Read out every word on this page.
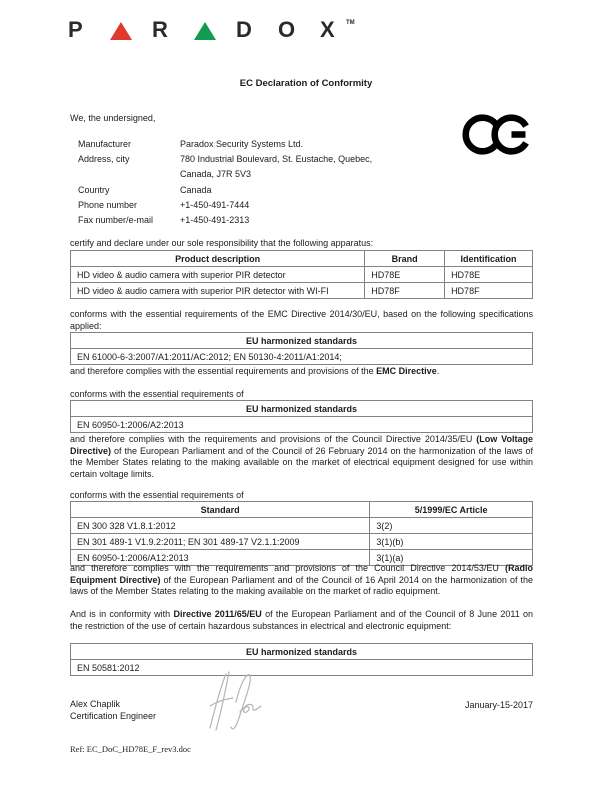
P	R	D O X TM
EC Declaration of Conformity
We, the undersigned,
Manufacturer	Paradox Security Systems Ltd.
Address, city	780 Industrial Boulevard, St. Eustache, Quebec,
Canada, J7R 5V3
Country	Canada
Phone number	+1-450-491-7444
Fax number/e-mail	+1-450-491-2313
certify and declare under our sole responsibility that the following apparatus:
Product description	Brand	Identification
HD video & audio camera with superior PIR detector	HD78E	HD78E
HD video & audio camera with superior PIR detector with WI-FI	HD78F	HD78F
conforms with the essential requirements of the EMC Directive 2014/30/EU, based on the following specifications applied:
EU harmonized standards
EN 61000-6-3:2007/A1:2011/AC:2012; EN 50130-4:2011/A1:2014;
and therefore complies with the essential requirements and provisions of the EMC Directive.
conforms with the essential requirements of
EU harmonized standards
EN 60950-1:2006/A2:2013
and therefore complies with the requirements and provisions of the Council Directive 2014/35/EU (Low Voltage Directive) of the European Parliament and of the Council of 26 February 2014 on the harmonization of the laws of the Member States relating to the making available on the market of electrical equipment designed for use within certain voltage limits.
conforms with the essential requirements of
Standard	5/1999/EC Article
EN 300 328 V1.8.1:2012	3(2)
EN 301 489-1 V1.9.2:2011; EN 301 489-17 V2.1.1:2009	3(1)(b)
EN 60950-1:2006/A12:2013	3(1)(a)
and therefore complies with the requirements and provisions of the Council Directive 2014/53/EU (Radio Equipment Directive) of the European Parliament and of the Council of 16 April 2014 on the harmonization of the laws of the Member States relating to the making available on the market of radio equipment.
And is in conformity with Directive 2011/65/EU of the European Parliament and of the Council of 8 June 2011 on the restriction of the use of certain hazardous substances in electrical and electronic equipment:
EU harmonized standards
EN 50581:2012
Alex Chaplik
Certification Engineer
January-15-2017
Ref: EC_DoC_HD78E_F_rev3.doc
